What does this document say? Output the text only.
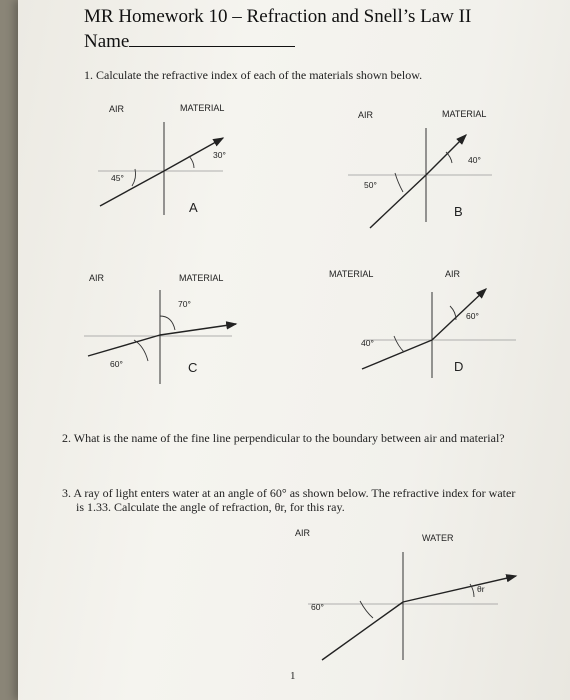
MR Homework 10 – Refraction and Snell’s Law II
Name
1. Calculate the refractive index of each of the materials shown below.
AIR	MATERIAL
45°
30°
A
AIR	MATERIAL
50°
40°
B
AIR	MATERIAL
60°
70°
C
MATERIAL	AIR
40°
60°
D
2. What is the name of the fine line perpendicular to the boundary between air and material?
3. A ray of light enters water at an angle of 60° as shown below. The refractive index for water
is 1.33. Calculate the angle of refraction, θr, for this ray.
AIR	WATER
60°
θr
1
